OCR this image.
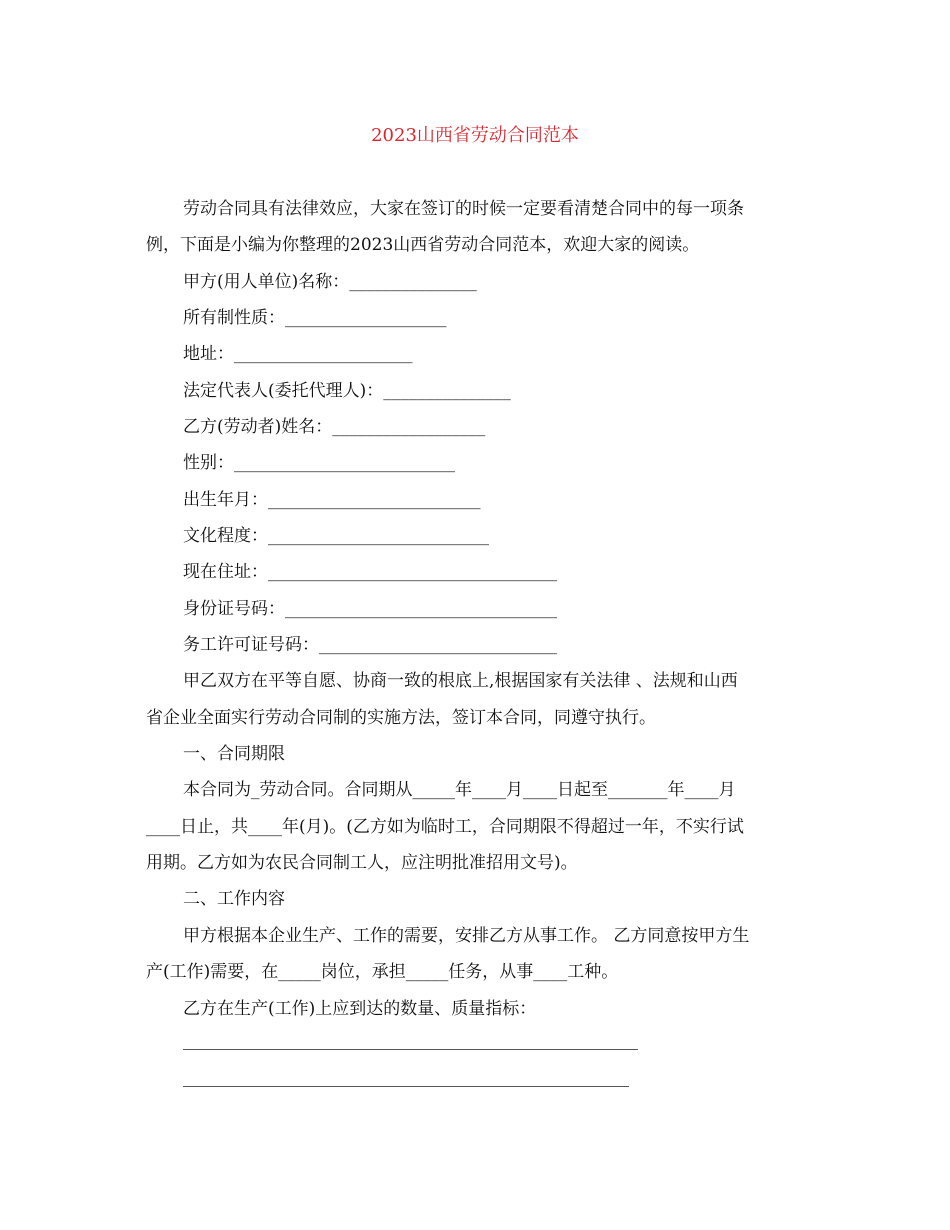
2023山西省劳动合同范本
劳动合同具有法律效应，大家在签订的时候一定要看清楚合同中的每一项条
例，下面是小编为你整理的2023山西省劳动合同范本，欢迎大家的阅读。
甲方(用人单位)名称：_______________
所有制性质：___________________
地址：_____________________
法定代表人(委托代理人)：_______________
乙方(劳动者)姓名：__________________
性别：__________________________
出生年月：_________________________
文化程度：__________________________
现在住址：__________________________________
身份证号码：________________________________
务工许可证号码：____________________________
甲乙双方在平等自愿、协商一致的根底上,根据国家有关法律 、法规和山西
省企业全面实行劳动合同制的实施方法，签订本合同，同遵守执行。
一、合同期限
本合同为_劳动合同。合同期从_____年____月____日起至_______年____月
____日止，共____年(月)。(乙方如为临时工，合同期限不得超过一年，不实行试
用期。乙方如为农民合同制工人，应注明批准招用文号)。
二、工作内容
甲方根据本企业生产、工作的需要，安排乙方从事工作。 乙方同意按甲方生
产(工作)需要，在_____岗位，承担_____任务，从事____工种。
乙方在生产(工作)上应到达的数量、质量指标：
